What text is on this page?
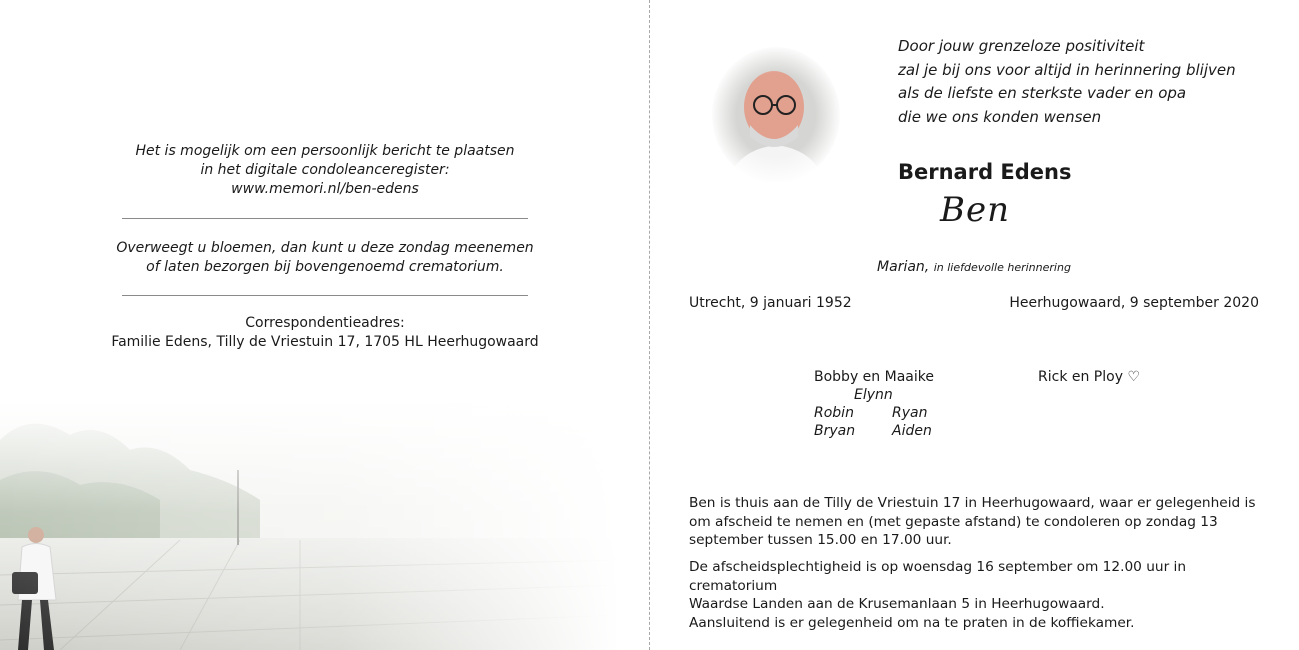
Het is mogelijk om een persoonlijk bericht te plaatsen
in het digitale condoleanceregister:
www.memori.nl/ben-edens
Overweegt u bloemen, dan kunt u deze zondag meenemen
of laten bezorgen bij bovengenoemd crematorium.
Correspondentieadres:
Familie Edens, Tilly de Vriestuin 17, 1705 HL Heerhugowaard
Door jouw grenzeloze positiviteit
zal je bij ons voor altijd in herinnering blijven
als de liefste en sterkste vader en opa
die we ons konden wensen
Bernard Edens
Ben
Marian, in liefdevolle herinnering
Utrecht, 9 januari 1952	Heerhugowaard, 9 september 2020
Bobby en Maaike
Elynn
Robin	Ryan
Bryan	Aiden
Rick en Ploy ♡
Ben is thuis aan de Tilly de Vriestuin 17 in Heerhugowaard, waar er gelegenheid is om afscheid te nemen en (met gepaste afstand) te condoleren op zondag 13 september tussen 15.00 en 17.00 uur.
De afscheidsplechtigheid is op woensdag 16 september om 12.00 uur in crematorium
Waardse Landen aan de Krusemanlaan 5 in Heerhugowaard.
Aansluitend is er gelegenheid om na te praten in de koffiekamer.
